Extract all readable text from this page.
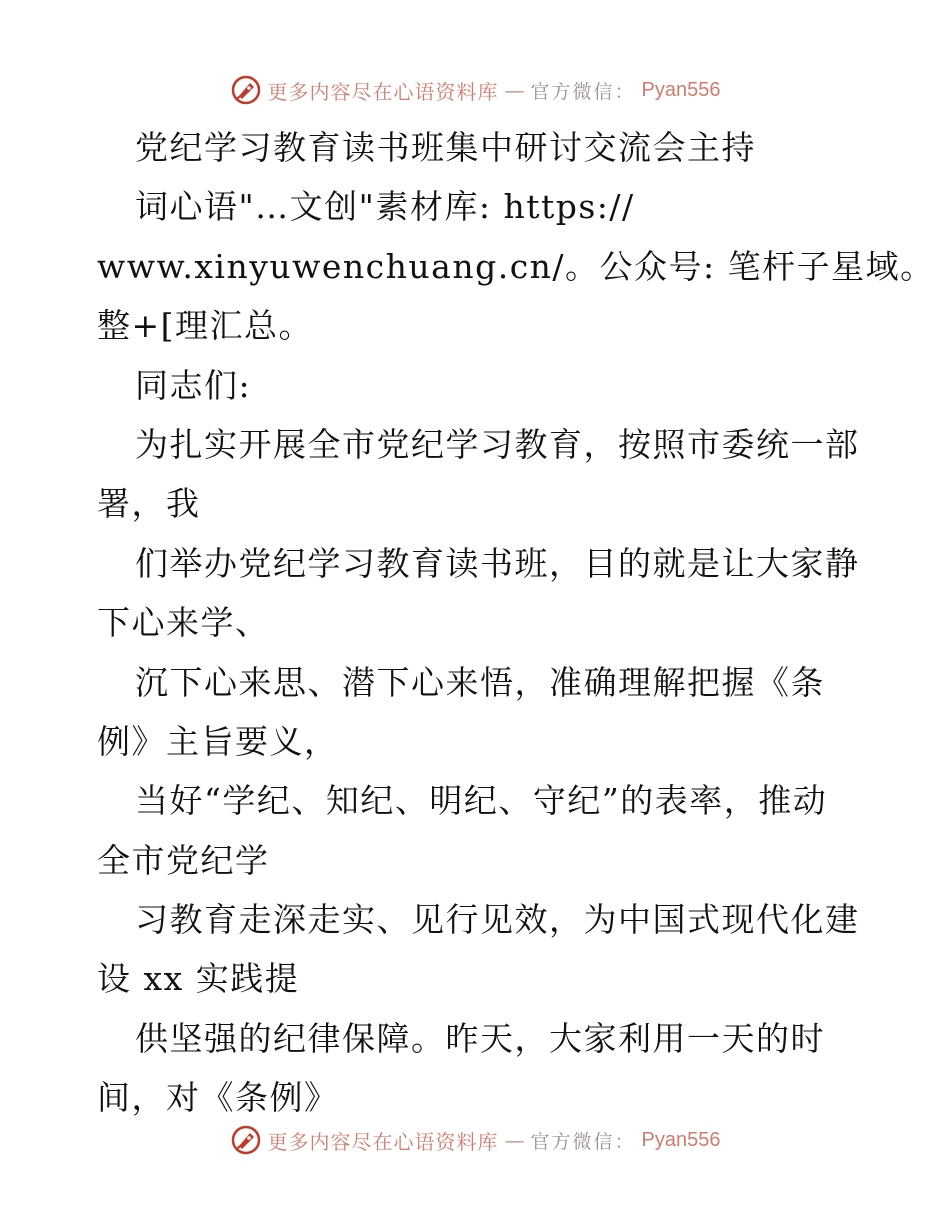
更多内容尽在心语资料库 — 官方微信： Pyan556
党纪学习教育读书班集中研讨交流会主持
词心语"…文创"素材库: https://
www.xinyuwenchuang.cn/。公众号: 笔杆子星域。
整+[理汇总。
同志们:
为扎实开展全市党纪学习教育，按照市委统一部
署，我
们举办党纪学习教育读书班，目的就是让大家静
下心来学、
沉下心来思、潜下心来悟，准确理解把握《条
例》主旨要义，
当好“学纪、知纪、明纪、守纪”的表率，推动
全市党纪学
习教育走深走实、见行见效，为中国式现代化建
设 xx 实践提
供坚强的纪律保障。昨天，大家利用一天的时
间，对《条例》
更多内容尽在心语资料库 — 官方微信： Pyan556
